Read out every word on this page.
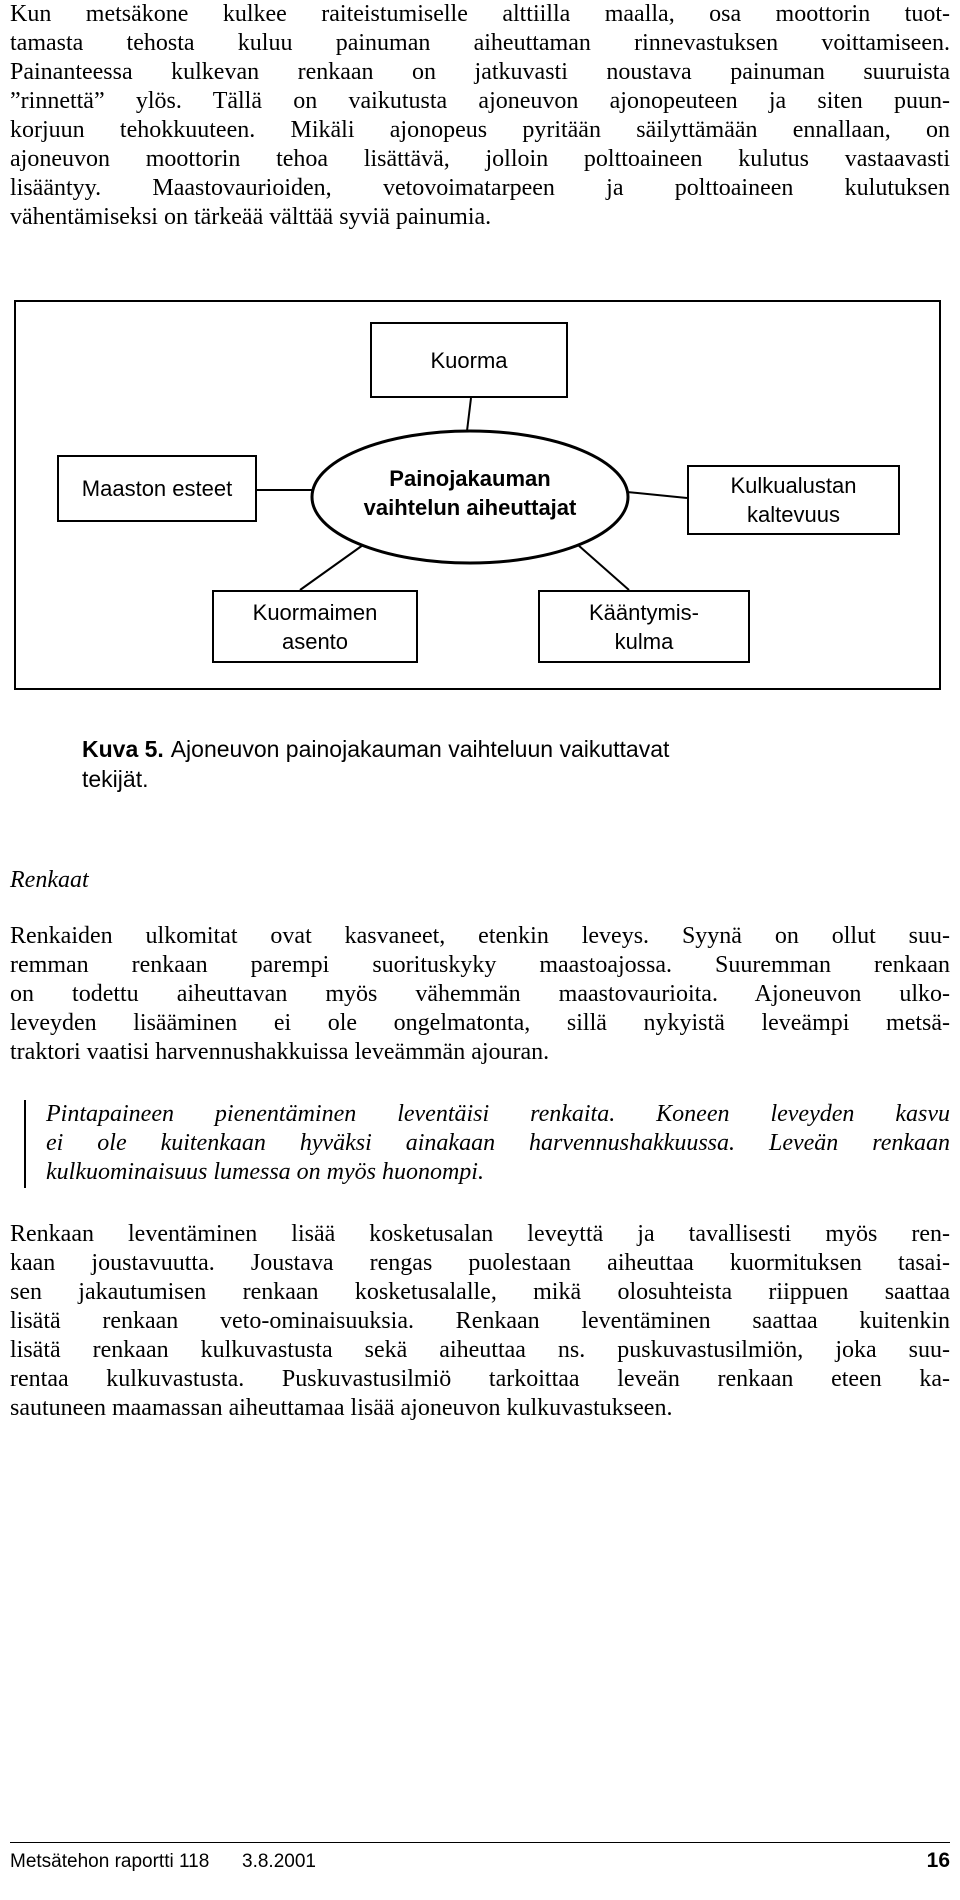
Kun metsäkone kulkee raiteistumiselle alttiilla maalla, osa moottorin tuot-
tamasta tehosta kuluu painuman aiheuttaman rinnevastuksen voittamiseen.
Painanteessa kulkevan renkaan on jatkuvasti noustava painuman suuruista
”rinnettä” ylös. Tällä on vaikutusta ajoneuvon ajonopeuteen ja siten puun-
korjuun tehokkuuteen. Mikäli ajonopeus pyritään säilyttämään ennallaan, on
ajoneuvon moottorin tehoa lisättävä, jolloin polttoaineen kulutus vastaavasti
lisääntyy. Maastovaurioiden, vetovoimatarpeen ja polttoaineen kulutuksen
vähentämiseksi on tärkeää välttää syviä painumia.
Kuorma
Painojakauman
vaihtelun aiheuttajat
Maaston esteet	Kulkualustan
kaltevuus
Kuormaimen
asento
Kääntymis-
kulma
Kuva 5. Ajoneuvon painojakauman vaihteluun vaikuttavat
tekijät.
Renkaat
Renkaiden ulkomitat ovat kasvaneet, etenkin leveys. Syynä on ollut suu-
remman renkaan parempi suorituskyky maastoajossa. Suuremman renkaan
on todettu aiheuttavan myös vähemmän maastovaurioita. Ajoneuvon ulko-
leveyden lisääminen ei ole ongelmatonta, sillä nykyistä leveämpi metsä-
traktori vaatisi harvennushakkuissa leveämmän ajouran.
Pintapaineen pienentäminen leventäisi renkaita. Koneen leveyden kasvu
ei ole kuitenkaan hyväksi ainakaan harvennushakkuussa. Leveän renkaan
kulkuominaisuus lumessa on myös huonompi.
Renkaan leventäminen lisää kosketusalan leveyttä ja tavallisesti myös ren-
kaan joustavuutta. Joustava rengas puolestaan aiheuttaa kuormituksen tasai-
sen jakautumisen renkaan kosketusalalle, mikä olosuhteista riippuen saattaa
lisätä renkaan veto-ominaisuuksia. Renkaan leventäminen saattaa kuitenkin
lisätä renkaan kulkuvastusta sekä aiheuttaa ns. puskuvastusilmiön, joka suu-
rentaa kulkuvastusta. Puskuvastusilmiö tarkoittaa leveän renkaan eteen ka-
sautuneen maamassan aiheuttamaa lisää ajoneuvon kulkuvastukseen.
Metsätehon raportti 118 3.8.2001	16
